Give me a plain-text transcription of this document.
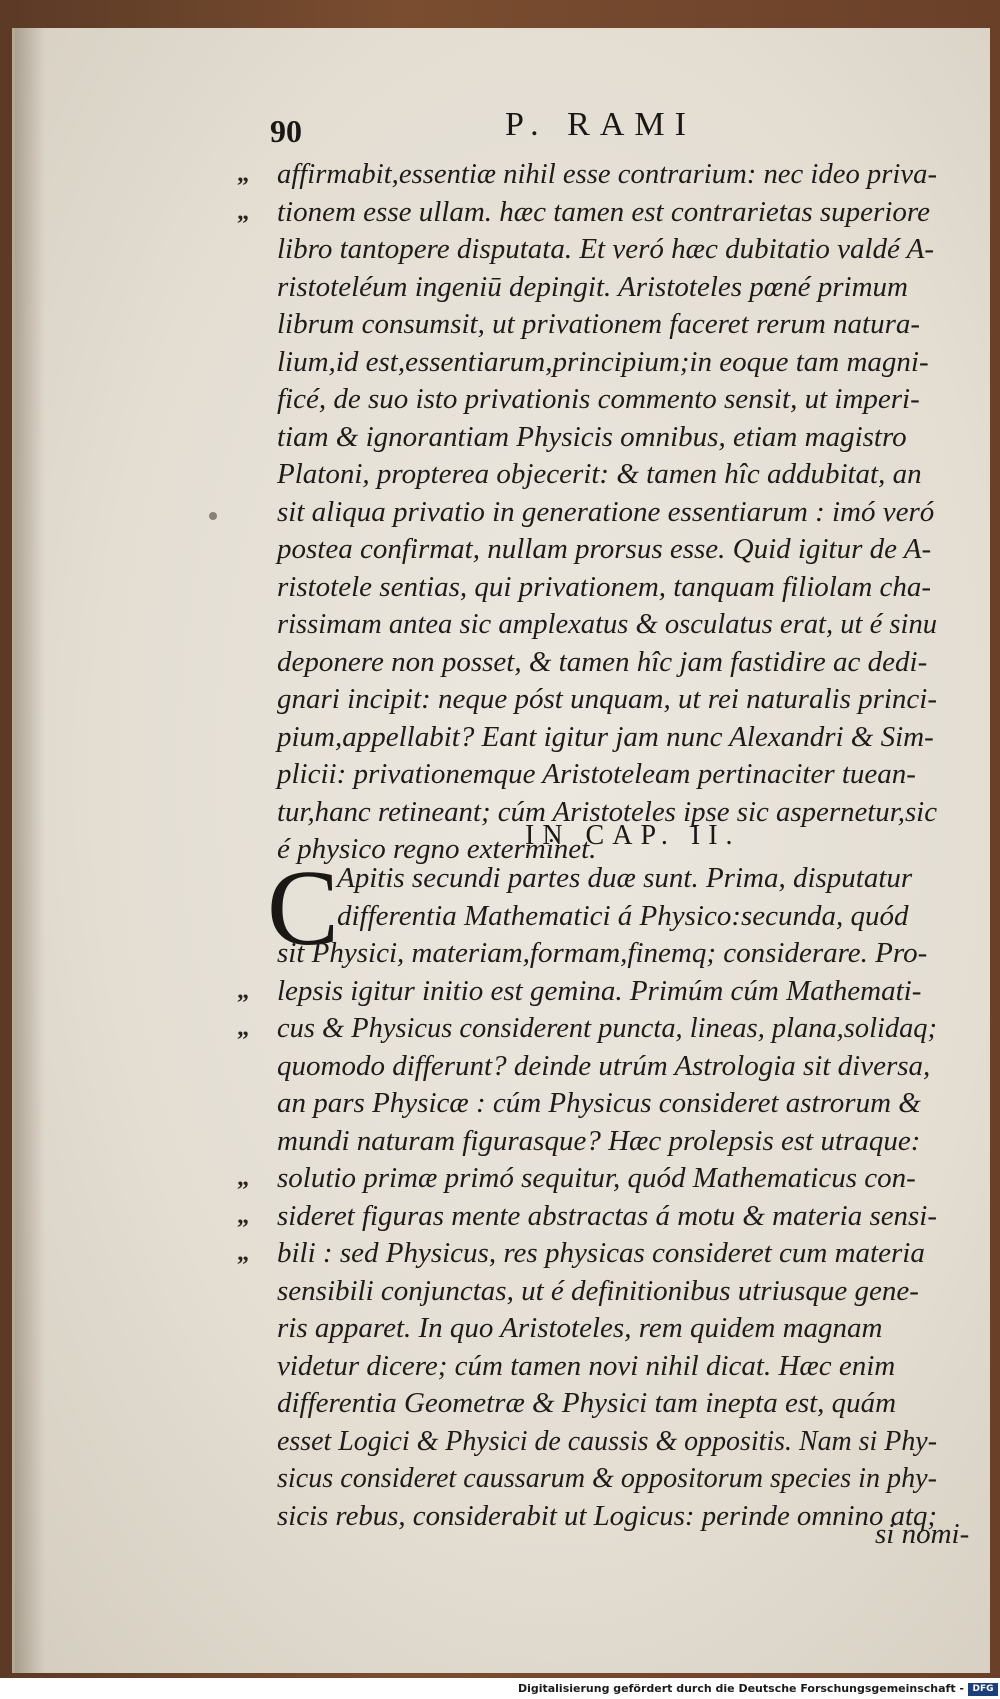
90	P. RAMI
„ affirmabit,essentiæ nihil esse contrarium: nec ideo priva-
„ tionem esse ullam. hæc tamen est contrarietas superiore
libro tantopere disputata. Et veró hæc dubitatio valdé A-
ristoteléum ingeniū depingit. Aristoteles pœné primum
librum consumsit, ut privationem faceret rerum natura-
lium,id est,essentiarum,principium;in eoque tam magni-
ficé, de suo isto privationis commento sensit, ut imperi-
tiam & ignorantiam Physicis omnibus, etiam magistro
Platoni, propterea objecerit: & tamen hîc addubitat, an
sit aliqua privatio in generatione essentiarum : imó veró
postea confirmat, nullam prorsus esse. Quid igitur de A-
ristotele sentias, qui privationem, tanquam filiolam cha-
rissimam antea sic amplexatus & osculatus erat, ut é sinu
deponere non posset, & tamen hîc jam fastidire ac dedi-
gnari incipit: neque póst unquam, ut rei naturalis princi-
pium,appellabit? Eant igitur jam nunc Alexandri & Sim-
plicii: privationemque Aristoteleam pertinaciter tuean-
tur,hanc retineant; cúm Aristoteles ipse sic aspernetur,sic
é physico regno exterminet.
IN CAP. II.
C
Apitis secundi partes duæ sunt. Prima, disputatur
differentia Mathematici á Physico:secunda, quód
sit Physici, materiam,formam,finemq; considerare. Pro-
„ lepsis igitur initio est gemina. Primúm cúm Mathemati-
„ cus & Physicus considerent puncta, lineas, plana,solidaq;
quomodo differunt? deinde utrúm Astrologia sit diversa,
an pars Physicæ : cúm Physicus consideret astrorum &
mundi naturam figurasque? Hæc prolepsis est utraque:
„ solutio primæ primó sequitur, quód Mathematicus con-
„ sideret figuras mente abstractas á motu & materia sensi-
„ bili : sed Physicus, res physicas consideret cum materia
sensibili conjunctas, ut é definitionibus utriusque gene-
ris apparet. In quo Aristoteles, rem quidem magnam
videtur dicere; cúm tamen novi nihil dicat. Hæc enim
differentia Geometræ & Physici tam inepta est, quám
esset Logici & Physici de caussis & oppositis. Nam si Phy-
sicus consideret caussarum & oppositorum species in phy-
sicis rebus, considerabit ut Logicus: perinde omnino atq;
si nomi-
Digitalisierung gefördert durch die Deutsche Forschungsgemeinschaft - DFG
